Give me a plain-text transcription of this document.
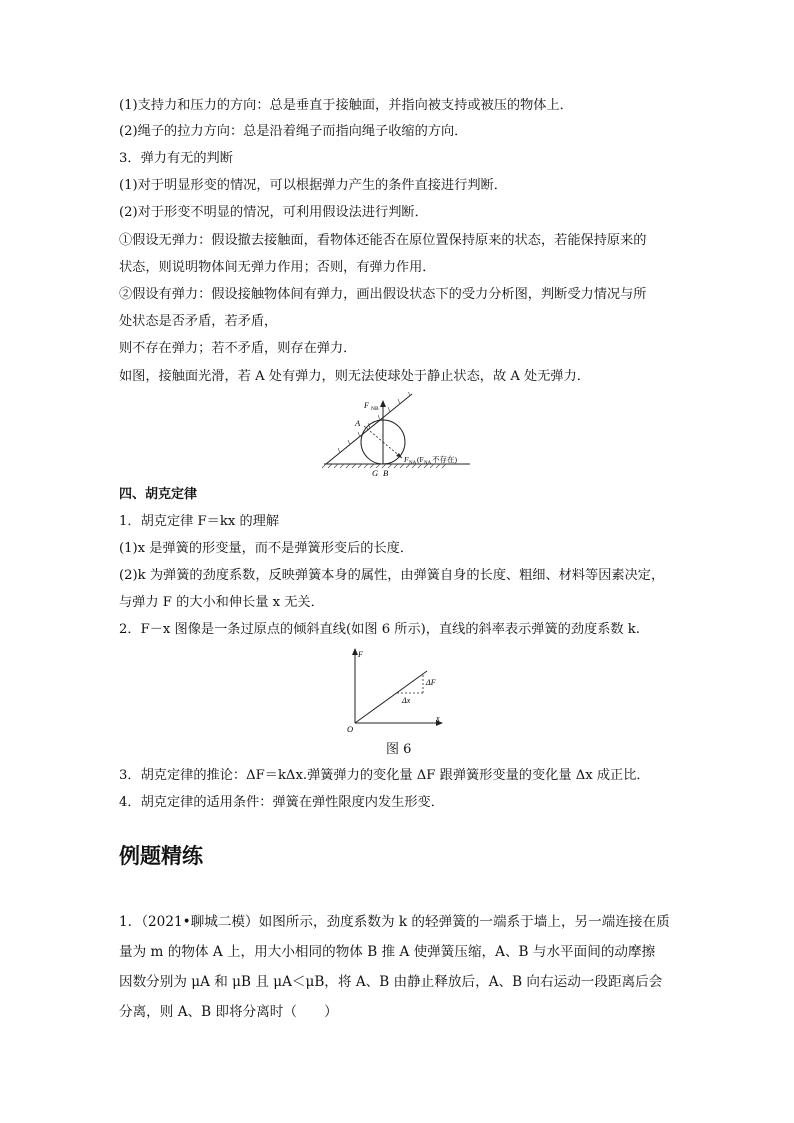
(1)支持力和压力的方向：总是垂直于接触面，并指向被支持或被压的物体上．
(2)绳子的拉力方向：总是沿着绳子而指向绳子收缩的方向．
3．弹力有无的判断
(1)对于明显形变的情况，可以根据弹力产生的条件直接进行判断．
(2)对于形变不明显的情况，可利用假设法进行判断．
①假设无弹力：假设撤去接触面，看物体还能否在原位置保持原来的状态，若能保持原来的
状态，则说明物体间无弹力作用；否则，有弹力作用．
②假设有弹力：假设接触物体间有弹力，画出假设状态下的受力分析图，判断受力情况与所
处状态是否矛盾，若矛盾，
则不存在弹力；若不矛盾，则存在弹力．
如图，接触面光滑，若 A 处有弹力，则无法使球处于静止状态，故 A 处无弹力．
F NB
A
F NA (F NA 不存在)
G B
四、胡克定律
1．胡克定律 F＝kx 的理解
(1)x 是弹簧的形变量，而不是弹簧形变后的长度．
(2)k 为弹簧的劲度系数，反映弹簧本身的属性，由弹簧自身的长度、粗细、材料等因素决定，
与弹力 F 的大小和伸长量 x 无关．
2．F－x 图像是一条过原点的倾斜直线(如图 6 所示)，直线的斜率表示弹簧的劲度系数 k.
F
x
O
ΔF
Δx
图 6
3．胡克定律的推论：ΔF＝kΔx.弹簧弹力的变化量 ΔF 跟弹簧形变量的变化量 Δx 成正比．
4．胡克定律的适用条件：弹簧在弹性限度内发生形变．
例题精练
1．（2021•聊城二模）如图所示，劲度系数为 k 的轻弹簧的一端系于墙上，另一端连接在质
量为 m 的物体 A 上，用大小相同的物体 B 推 A 使弹簧压缩，A、B 与水平面间的动摩擦
因数分别为 μA 和 μB 且 μA＜μB，将 A、B 由静止释放后，A、B 向右运动一段距离后会
分离，则 A、B 即将分离时（　　）
